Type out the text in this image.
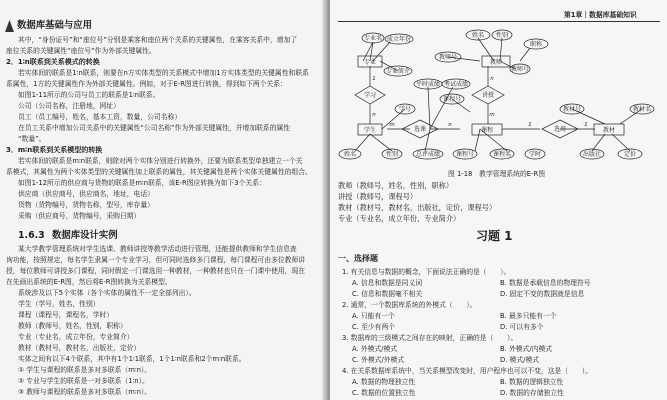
数据库基础与应用
1.6.3 数据库设计实例
其中，“身份证号”和“座位号”分别是乘客和座位两个关系的关键属性，在乘客关系中，增加了
座位关系的关键属性“座位号”作为外部关键属性。
2．1∶n联系到关系模式的转换
若实体间的联系是1∶n联系，则要在n方实体类型的关系模式中增加1方实体类型的关键属性和联系
系属性，1方的关键属性作为外部关键属性。例如，对于E-R图进行转换，得到如下两个关系：
如图1-11所示的公司与员工的联系是1∶n联系。
公司（公司名称，注册地，网址）
员工（员工编号，姓名，基本工资，数量，公司名称）
在员工关系中增加公司关系中的关键属性“公司名称”作为外部关键属性，并增加联系的属性
“数量”。
3．m∶n联系到关系模型的转换
若实体间的联系是m∶n联系，则除对两个实体分别进行转换外，还要为联系类型单独建立一个关
系模式，其属性为两个实体类型的关键属性加上联系的属性，其关键属性是两个实体关键属性的组合。
如图1-12所示的供应商与货物的联系是m∶n联系，该E-R图应转换为如下3个关系：
供应商（供应商号，供应商名，地址，电话）
货物（货物编号，货物名称，型号，库存量）
采购（供应商号，货物编号，采购日期）
某大学教学管理系统对学生选课、教师讲授等教学活动进行管理，还能提供教师和学生信息查
询功能，按照规定，每名学生隶属一个专业学习，但可同时选修多门课程，每门课程可由多位教师讲
授，每位教师可讲授多门课程，同时假定一门课选用一种教材，一种教材也只在一门课中使用，现在
在先画出系统的E-R图，然后将E-R图转换为关系模型。
系统涉及以下5个实体（各个实体的属性不一定全部列出）。
学生（学号，姓名，性别）
课程（课程号，课程名，学时）
教师（教师号，姓名，性别，职称）
专业（专业名，成立年份，专业简介）
教材（教材号，教材名，出版社，定价）
实体之间有以下4个联系，其中有1个1∶1联系，1个1∶n联系和2个m∶n联系。
① 学生与课程的联系是多对多联系（m∶n）。
② 专业与学生的联系是一对多联系（1∶n）。
③ 教师与课程的联系是多对多联系（m∶n）。
第1章｜数据库基础知识
专业
学生	课程
教师
教材
学习
选课
讲授
选用
专业名 成立年份
专业简介
姓名 性别
教师号
职称
学号
姓名	性别
平时成绩 考试成绩
总评成绩	课程号	课程名	学时
教师号
课程号
教材号	教材名
出版社	定价
1
n
m	n
n
m
1	1
图 1-18　教学管理系统的E-R图
习题 1
一、选择题
教师（教师号，姓名，性别，职称）
讲授（教师号，课程号）
教材（教材号，教材名，出版社，定价，课程号）
专业（专业名，成立年份，专业简介）
1. 有关信息与数据的概念，下面说法正确的是（　　）。
A. 信息和数据是同义词	B. 数据是承载信息的物理符号
C. 信息和数据毫不相关	D. 固定不变的数据就是信息
2. 通常，一个数据库系统的外模式（　　）。
A. 只能有一个	B. 最多只能有一个
C. 至少有两个	D. 可以有多个
3. 数据库的三级模式之间存在的映射，正确的是（　　）。
A. 外模式/模式	B. 外模式/内模式
C. 外模式/外模式	D. 模式/模式
4. 在关系数据库系统中，当关系模型改变时，用户程序也可以不变，这是（　　）。
A. 数据的物理独立性	B. 数据的逻辑独立性
C. 数据的位置独立性	D. 数据的存储独立性
